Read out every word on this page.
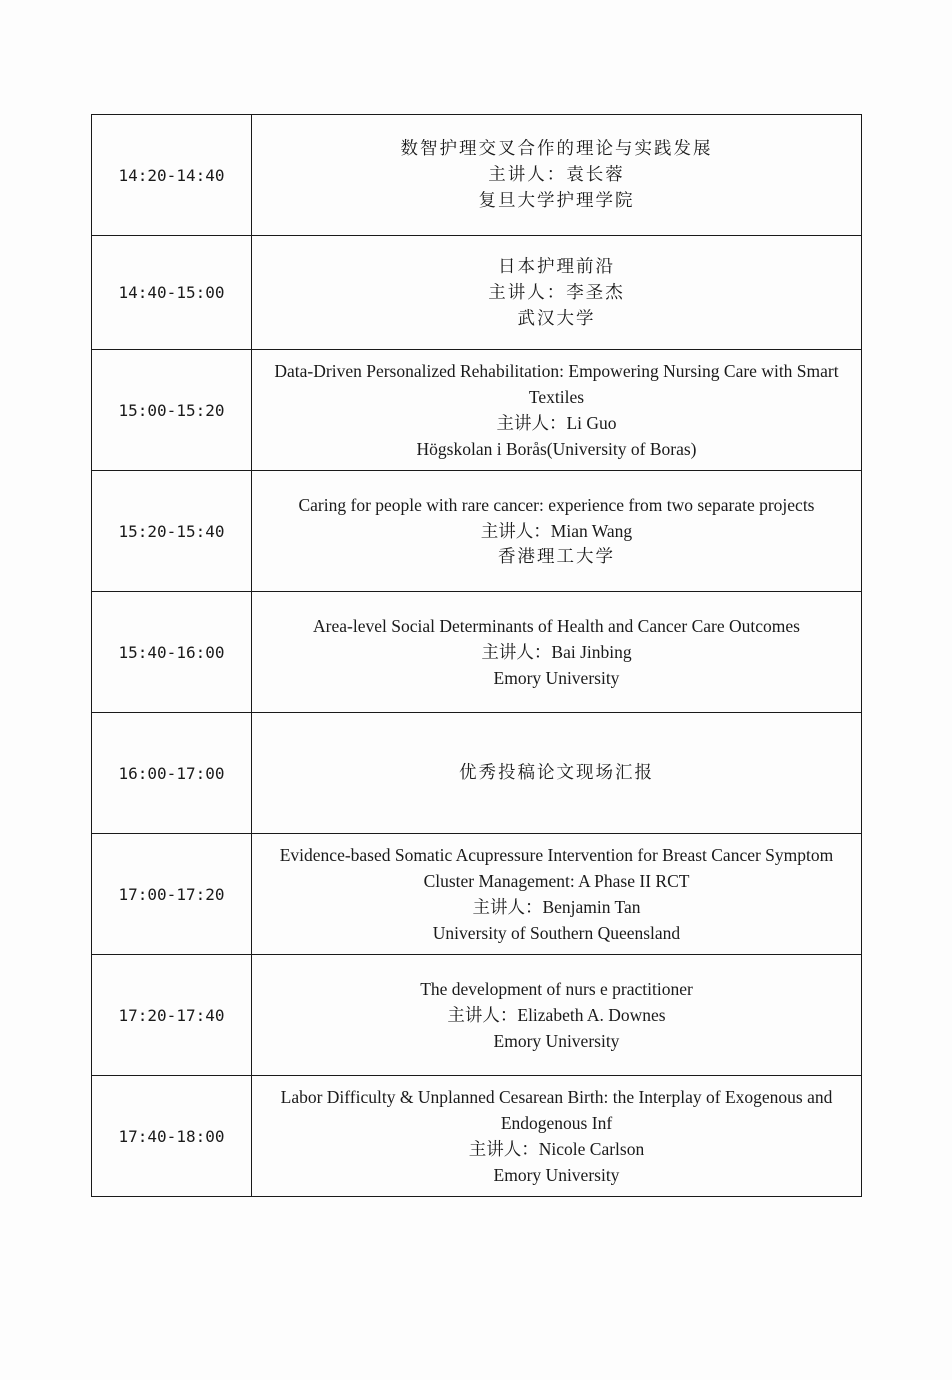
14:20-14:40	数智护理交叉合作的理论与实践发展
主讲人：袁长蓉
复旦大学护理学院

14:40-15:00	日本护理前沿
主讲人：李圣杰
武汉大学

15:00-15:20	Data-Driven Personalized Rehabilitation: Empowering Nursing Care with Smart
Textiles
主讲人：Li Guo
Högskolan i Borås(University of Boras)

15:20-15:40	Caring for people with rare cancer: experience from two separate projects
主讲人：Mian Wang
香港理工大学

15:40-16:00	Area-level Social Determinants of Health and Cancer Care Outcomes
主讲人：Bai Jinbing
Emory University

16:00-17:00	优秀投稿论文现场汇报

17:00-17:20	Evidence-based Somatic Acupressure Intervention for Breast Cancer Symptom
Cluster Management: A Phase II RCT
主讲人：Benjamin Tan
University of Southern Queensland

17:20-17:40	The development of nurs e practitioner
主讲人：Elizabeth A. Downes
Emory University

17:40-18:00	Labor Difficulty & Unplanned Cesarean Birth: the Interplay of Exogenous and
Endogenous Inf
主讲人：Nicole Carlson
Emory University
